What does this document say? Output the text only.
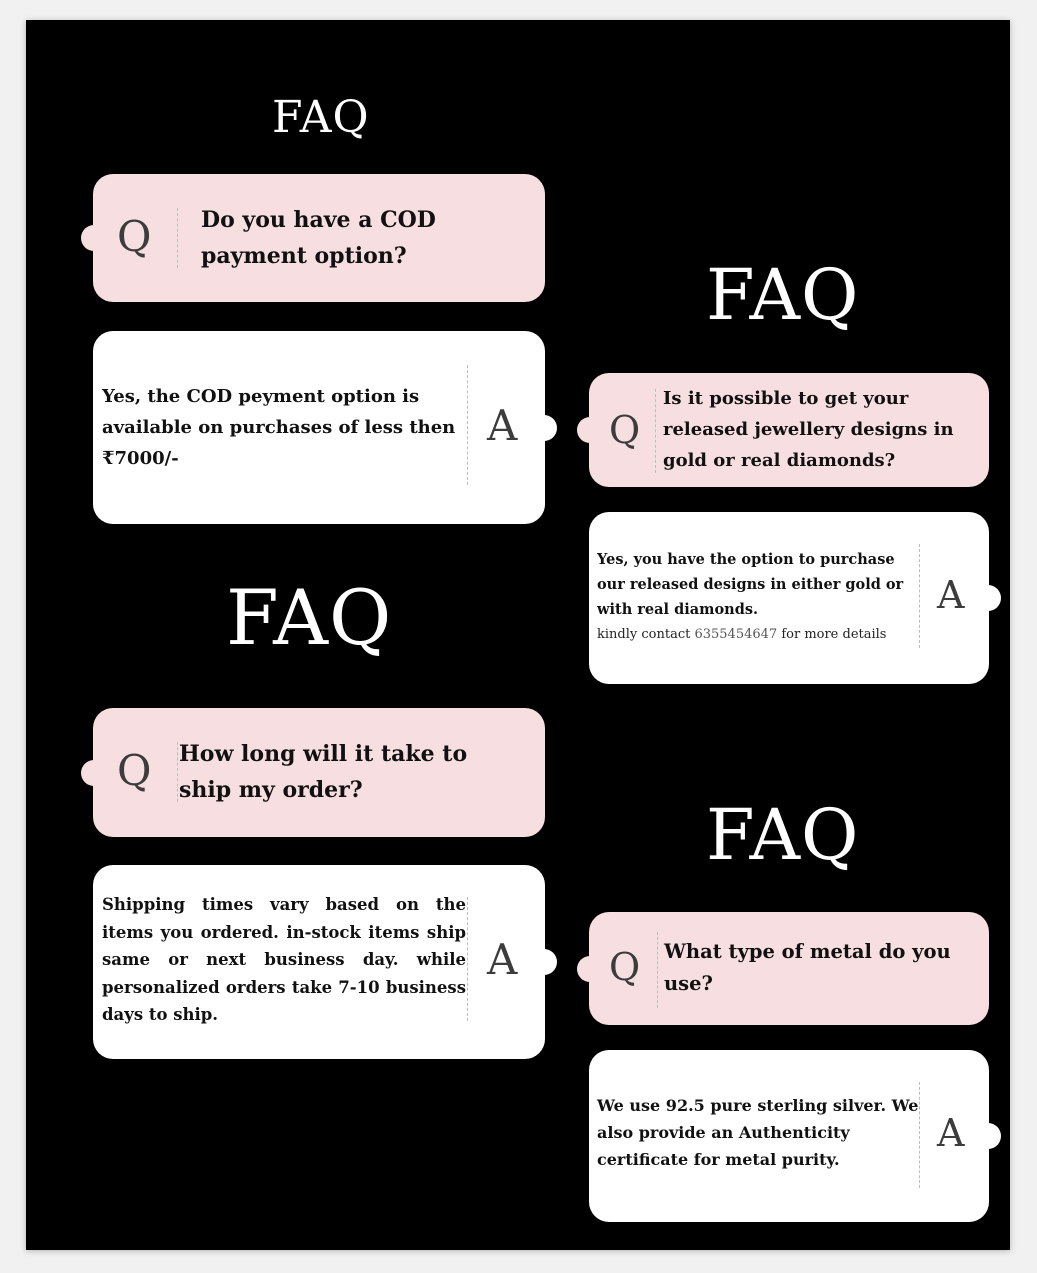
FAQ
FAQ
FAQ
FAQ
Q Do you have a COD payment option?
Yes, the COD peyment option is available on purchases of less then ₹7000/-
A Q
Is it possible to get your released jewellery designs in gold or real diamonds?
Yes, you have the option to purchase our released designs in either gold or with real diamonds.
kindly contact 6355454647 for more details
A
Q How long will it take to ship my order?
Shipping times vary based on the items you ordered. in-stock items ship same or next business day. while personalized orders take 7-10 business days to ship.
A Q What type of metal do you use?
We use 92.5 pure sterling silver. We also provide an Authenticity certificate for metal purity.
A
